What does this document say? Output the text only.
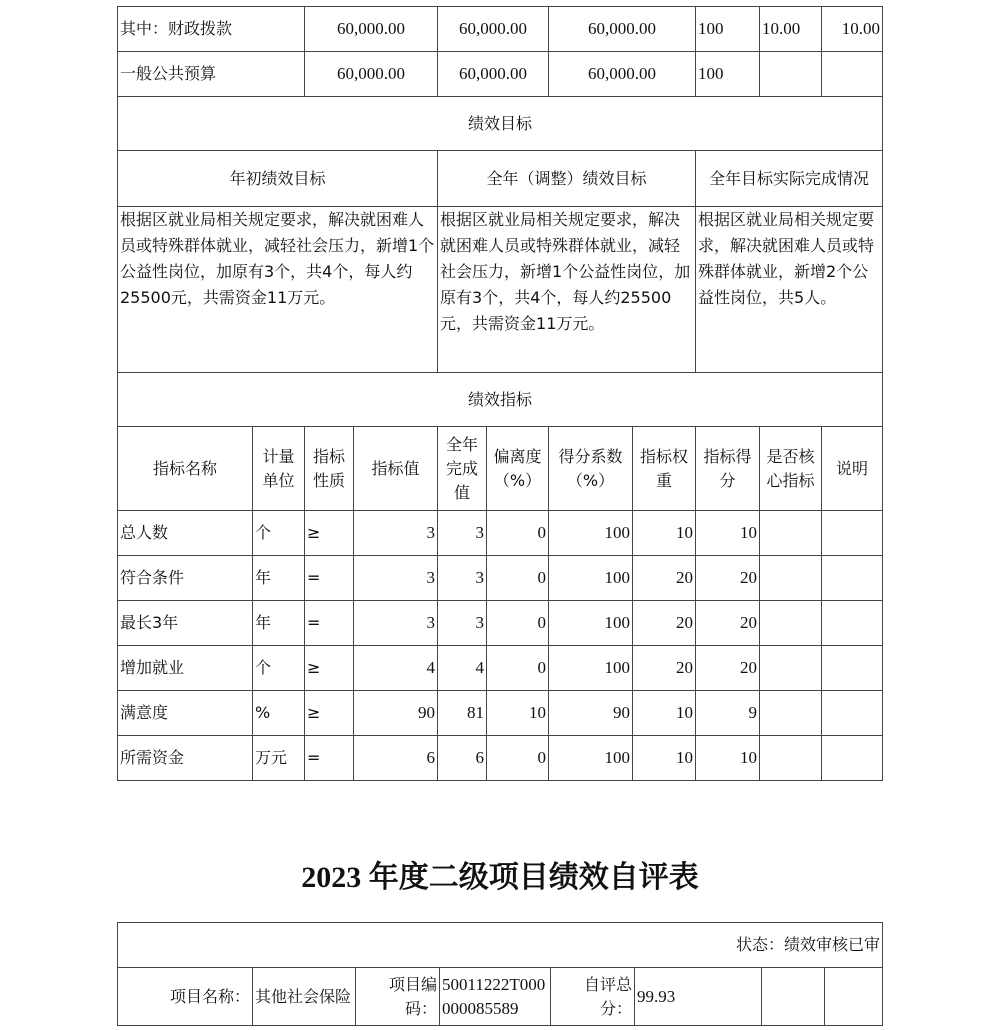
其中：财政拨款		60,000.00		60,000.00		60,000.00		100	10.00	10.00
一般公共预算		60,000.00		60,000.00		60,000.00		100		
绩效目标										
年初绩效目标				全年（调整）绩效目标				全年目标实际完成情况		
根据区就业局相关规定要求，解决就困难人员或特殊群体就业，减轻社会压力，新增1个公益性岗位，加原有3个，共4个，每人约25500元，共需资金11万元。				根据区就业局相关规定要求，解决就困难人员或特殊群体就业，减轻社会压力，新增1个公益性岗位，加原有3个，共4个，每人约25500元，共需资金11万元。				根据区就业局相关规定要求，解决就困难人员或特殊群体就业，新增2个公益性岗位，共5人。		
绩效指标										
指标名称	计量单位	指标性质	指标值	全年完成值	偏离度（%）	得分系数（%）	指标权重	指标得分	是否核心指标	说明
总人数	个	≥	3	3	0	100	10	10		
符合条件	年	=	3	3	0	100	20	20		
最长3年	年	=	3	3	0	100	20	20		
增加就业	个	≥	4	4	0	100	20	20		
满意度	%	≥	90	81	10	90	10	9		
所需资金	万元	=	6	6	0	100	10	10		
2023 年度二级项目绩效自评表
状态：绩效审核已审
项目名称：	其他社会保险	项目编码：	50011222T000000085589	自评总分：	99.93		
